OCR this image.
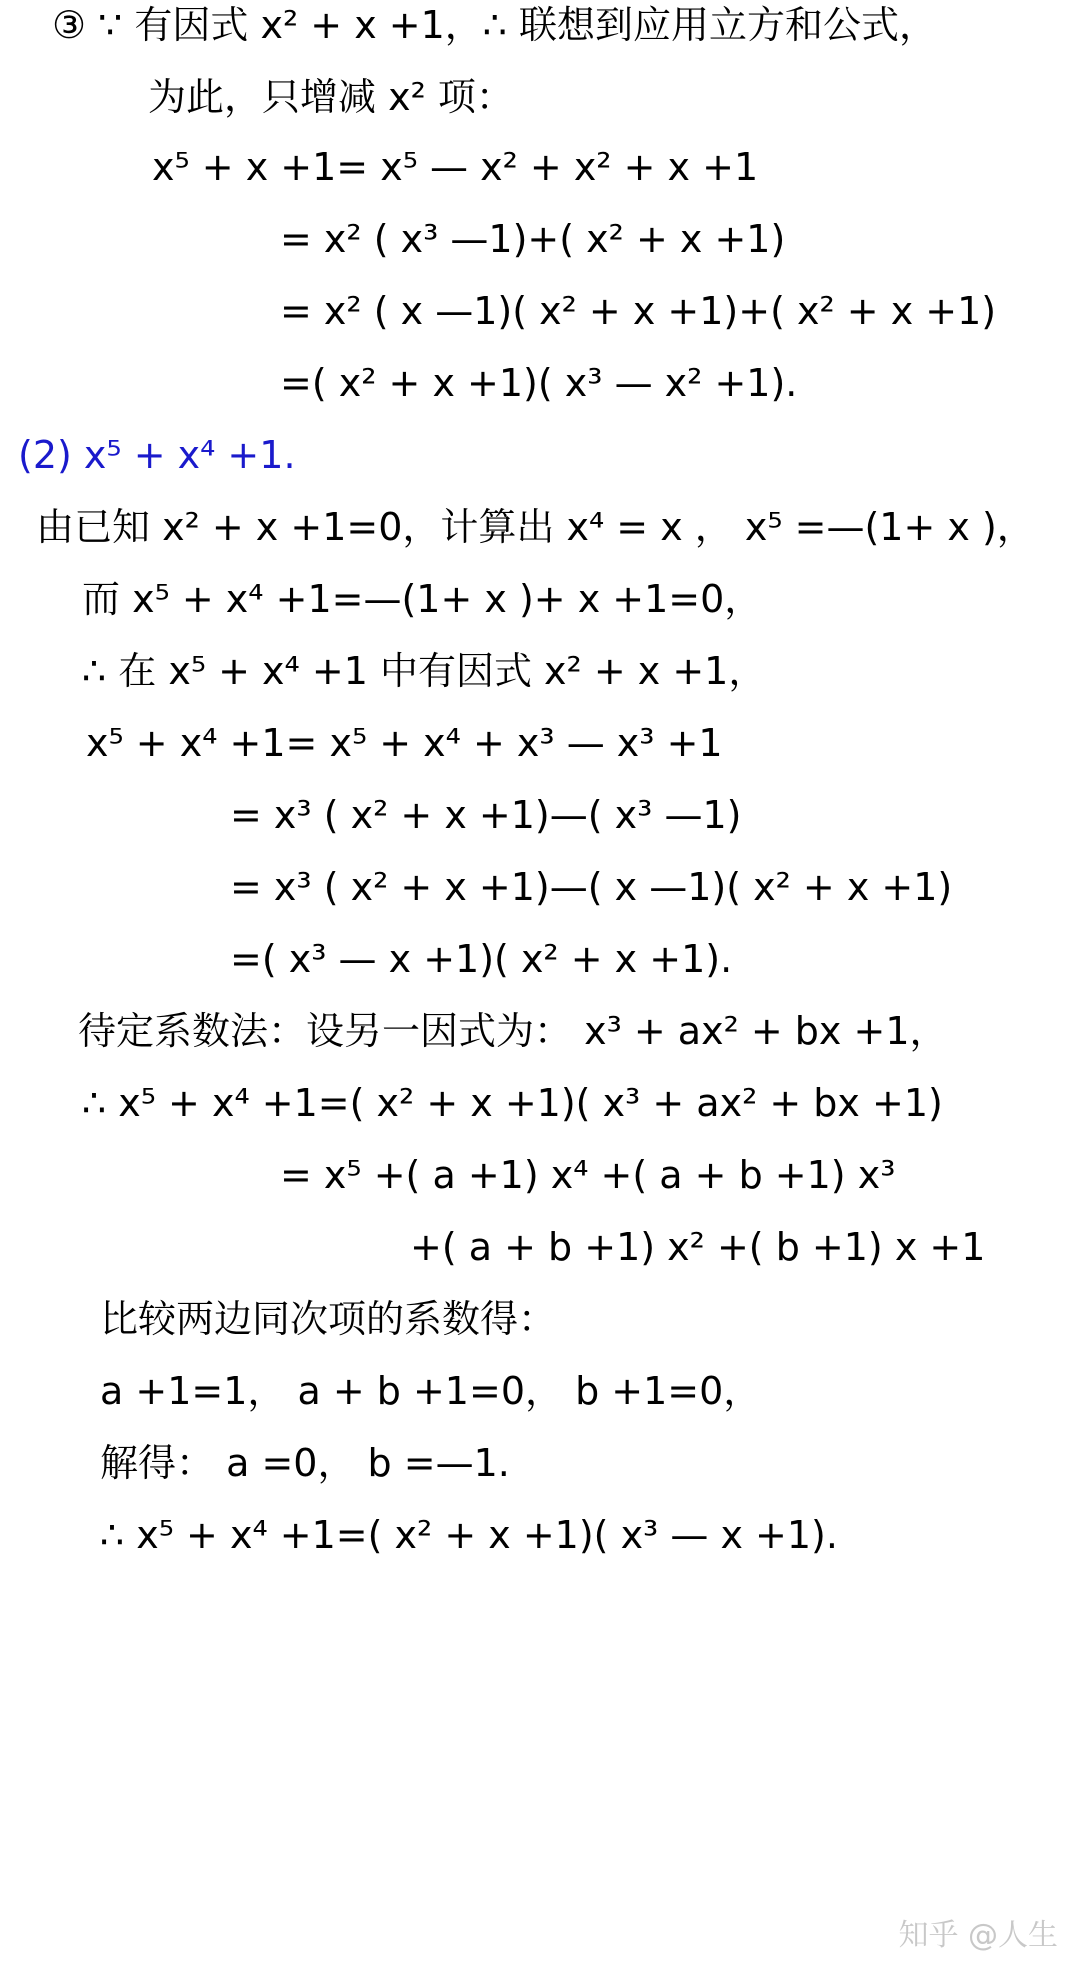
③ ∵ 有因式 x² + x +1，∴ 联想到应用立方和公式，
为此，只增减 x² 项：
x⁵ + x +1= x⁵ — x² + x² + x +1
= x² ( x³ —1)+( x² + x +1)
= x² ( x —1)( x² + x +1)+( x² + x +1)
=( x² + x +1)( x³ — x² +1).
(2) x⁵ + x⁴ +1.
由已知 x² + x +1=0，计算出 x⁴ = x ， x⁵ =—(1+ x )，
而 x⁵ + x⁴ +1=—(1+ x )+ x +1=0，
∴ 在 x⁵ + x⁴ +1 中有因式 x² + x +1，
x⁵ + x⁴ +1= x⁵ + x⁴ + x³ — x³ +1
= x³ ( x² + x +1)—( x³ —1)
= x³ ( x² + x +1)—( x —1)( x² + x +1)
=( x³ — x +1)( x² + x +1).
待定系数法：设另一因式为： x³ + ax² + bx +1，
∴ x⁵ + x⁴ +1=( x² + x +1)( x³ + ax² + bx +1)
= x⁵ +( a +1) x⁴ +( a + b +1) x³
+( a + b +1) x² +( b +1) x +1
比较两边同次项的系数得：
a +1=1， a + b +1=0， b +1=0，
解得： a =0， b =—1.
∴ x⁵ + x⁴ +1=( x² + x +1)( x³ — x +1).
知乎 @人生
